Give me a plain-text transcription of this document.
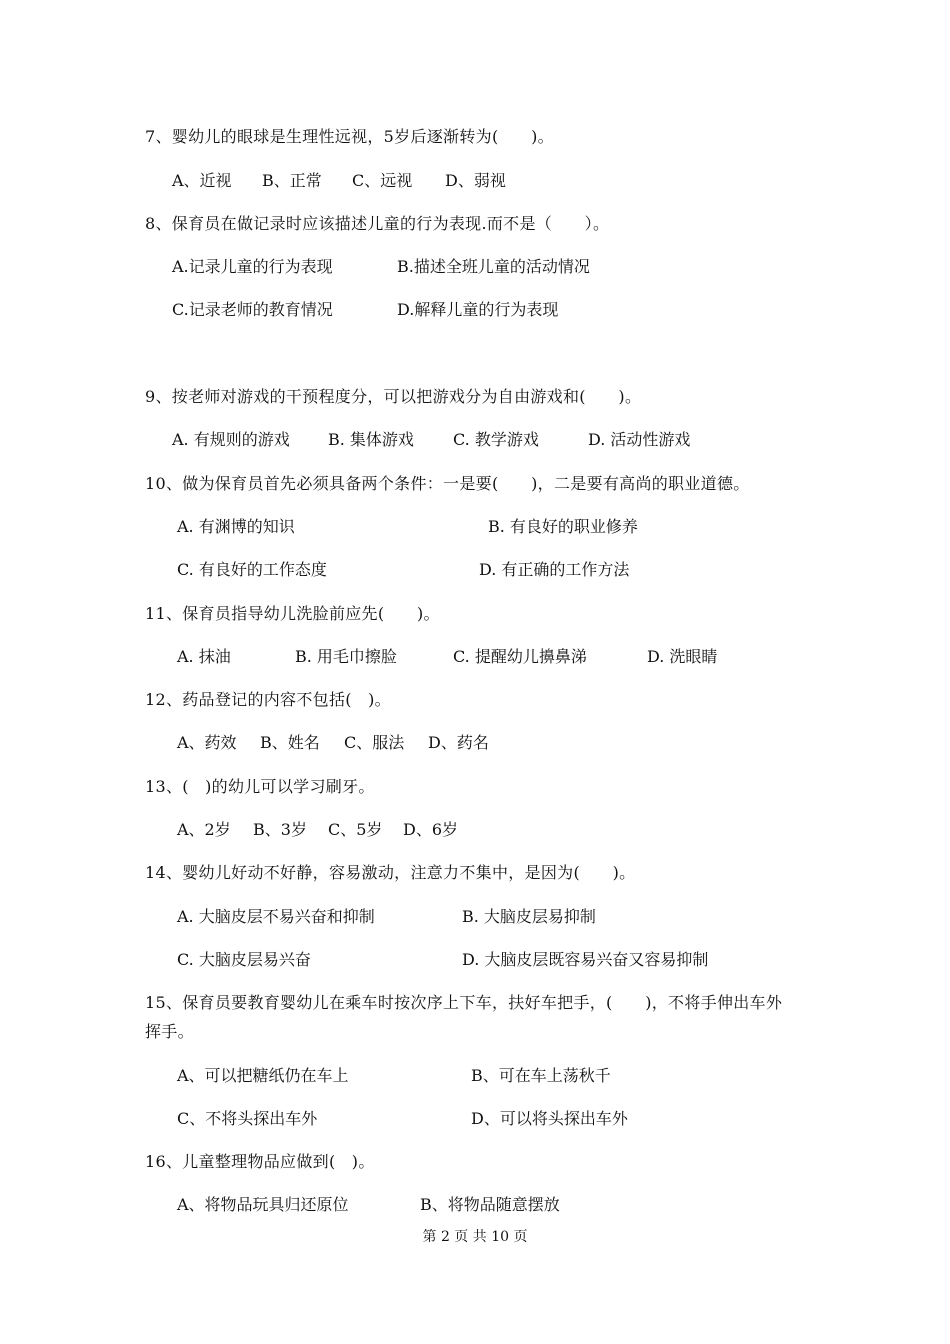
7、婴幼儿的眼球是生理性远视，5岁后逐渐转为(　　)。
A、近视 B、正常 C、远视 D、弱视
8、保育员在做记录时应该描述儿童的行为表现.而不是（　　）。
A.记录儿童的行为表现	B.描述全班儿童的活动情况
C.记录老师的教育情况	D.解释儿童的行为表现
9、按老师对游戏的干预程度分，可以把游戏分为自由游戏和(　　)。
A. 有规则的游戏 B. 集体游戏 C. 教学游戏	D. 活动性游戏
10、做为保育员首先必须具备两个条件：一是要(　　)，二是要有高尚的职业道德。
A. 有渊博的知识	B. 有良好的职业修养
C. 有良好的工作态度	D. 有正确的工作方法
11、保育员指导幼儿洗脸前应先(　　)。
A. 抹油	B. 用毛巾擦脸	C. 提醒幼儿擤鼻涕	D. 洗眼睛
12、药品登记的内容不包括(　)。
A、药效 B、姓名 C、服法 D、药名
13、(　)的幼儿可以学习刷牙。
A、2岁 B、3岁 C、5岁 D、6岁
14、婴幼儿好动不好静，容易激动，注意力不集中，是因为(　　)。
A. 大脑皮层不易兴奋和抑制	B. 大脑皮层易抑制
C. 大脑皮层易兴奋	D. 大脑皮层既容易兴奋又容易抑制
15、保育员要教育婴幼儿在乘车时按次序上下车，扶好车把手，(　　)，不将手伸出车外
挥手。
A、可以把糖纸仍在车上	B、可在车上荡秋千
C、不将头探出车外	D、可以将头探出车外
16、儿童整理物品应做到(　)。
A、将物品玩具归还原位	B、将物品随意摆放
第 2 页 共 10 页
